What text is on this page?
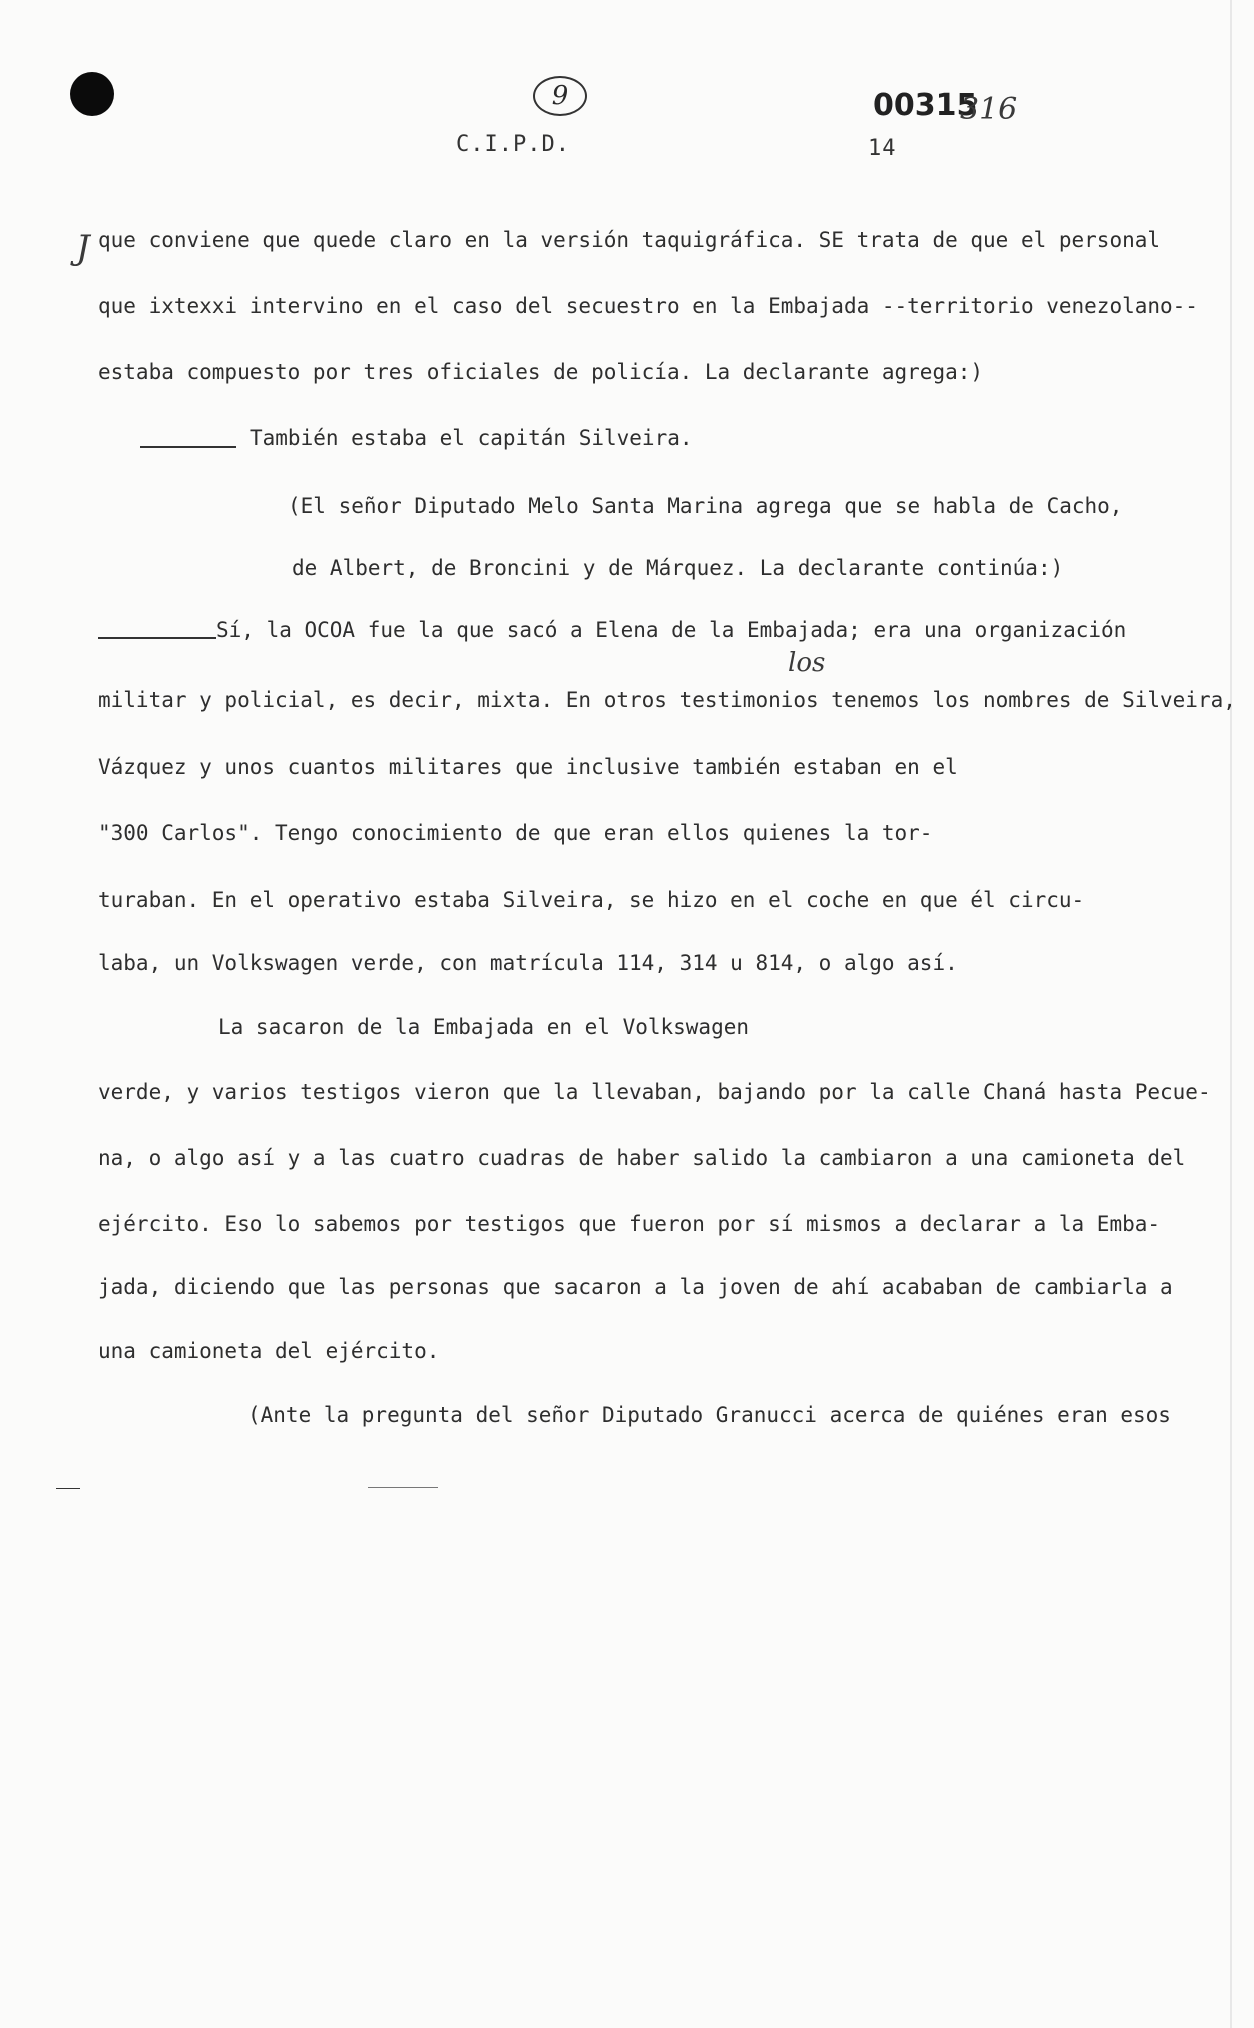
9
C.I.P.D.	14
00315
316
J que conviene que quede claro en la versión taquigráfica. SE trata de que el personal
que ixtexxi intervino en el caso del secuestro en la Embajada --territorio venezolano--
estaba compuesto por tres oficiales de policía. La declarante agrega:)
También estaba el capitán Silveira.
(El señor Diputado Melo Santa Marina agrega que se habla de Cacho,
de Albert, de Broncini y de Márquez. La declarante continúa:)
Sí, la OCOA fue la que sacó a Elena de la Embajada; era una organización
los
militar y policial, es decir, mixta. En otros testimonios tenemos los nombres de Silveira,
Vázquez y unos cuantos militares que inclusive también estaban en el
"300 Carlos". Tengo conocimiento de que eran ellos quienes la tor-
turaban. En el operativo estaba Silveira, se hizo en el coche en que él circu-
laba, un Volkswagen verde, con matrícula 114, 314 u 814, o algo así.
La sacaron de la Embajada en el Volkswagen
verde, y varios testigos vieron que la llevaban, bajando por la calle Chaná hasta Pecue-
na, o algo así y a las cuatro cuadras de haber salido la cambiaron a una camioneta del
ejército. Eso lo sabemos por testigos que fueron por sí mismos a declarar a la Emba-
jada, diciendo que las personas que sacaron a la joven de ahí acababan de cambiarla a
una camioneta del ejército.
(Ante la pregunta del señor Diputado Granucci acerca de quiénes eran esos
